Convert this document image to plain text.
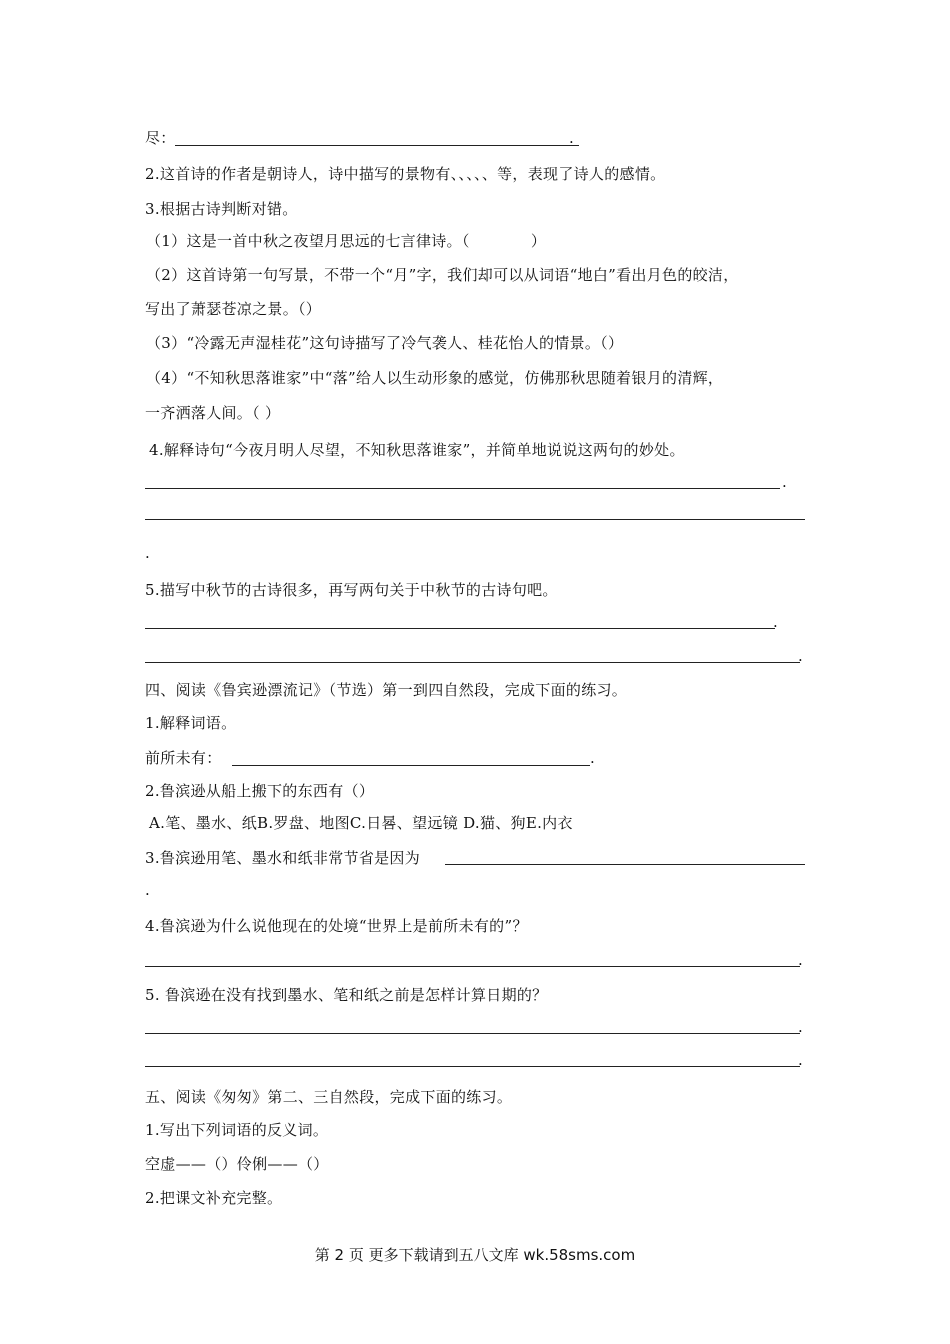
尽：	.
2.这首诗的作者是朝诗人，诗中描写的景物有、、、、、等，表现了诗人的感情。
3.根据古诗判断对错。
（1）这是一首中秋之夜望月思远的七言律诗。（　　　　）
（2）这首诗第一句写景，不带一个“月”字，我们却可以从词语“地白”看出月色的皎洁，
写出了萧瑟苍凉之景。（）
（3）“冷露无声湿桂花”这句诗描写了冷气袭人、桂花怡人的情景。（）
（4）“不知秋思落谁家”中“落”给人以生动形象的感觉，仿佛那秋思随着银月的清辉，
一齐洒落人间。（ ）
4.解释诗句“今夜月明人尽望，不知秋思落谁家”，并简单地说说这两句的妙处。
.
.
5.描写中秋节的古诗很多，再写两句关于中秋节的古诗句吧。
.
.
四、阅读《鲁宾逊漂流记》（节选）第一到四自然段，完成下面的练习。
1.解释词语。
前所未有：	.
2.鲁滨逊从船上搬下的东西有（）
A.笔、墨水、纸B.罗盘、地图C.日晷、望远镜 D.猫、狗E.内衣
3.鲁滨逊用笔、墨水和纸非常节省是因为
.
4.鲁滨逊为什么说他现在的处境“世界上是前所未有的”？
.
5. 鲁滨逊在没有找到墨水、笔和纸之前是怎样计算日期的？
.
.
五、阅读《匆匆》第二、三自然段，完成下面的练习。
1.写出下列词语的反义词。
空虚——（）伶俐——（）
2.把课文补充完整。
第 2 页 更多下载请到五八文库 wk.58sms.com
